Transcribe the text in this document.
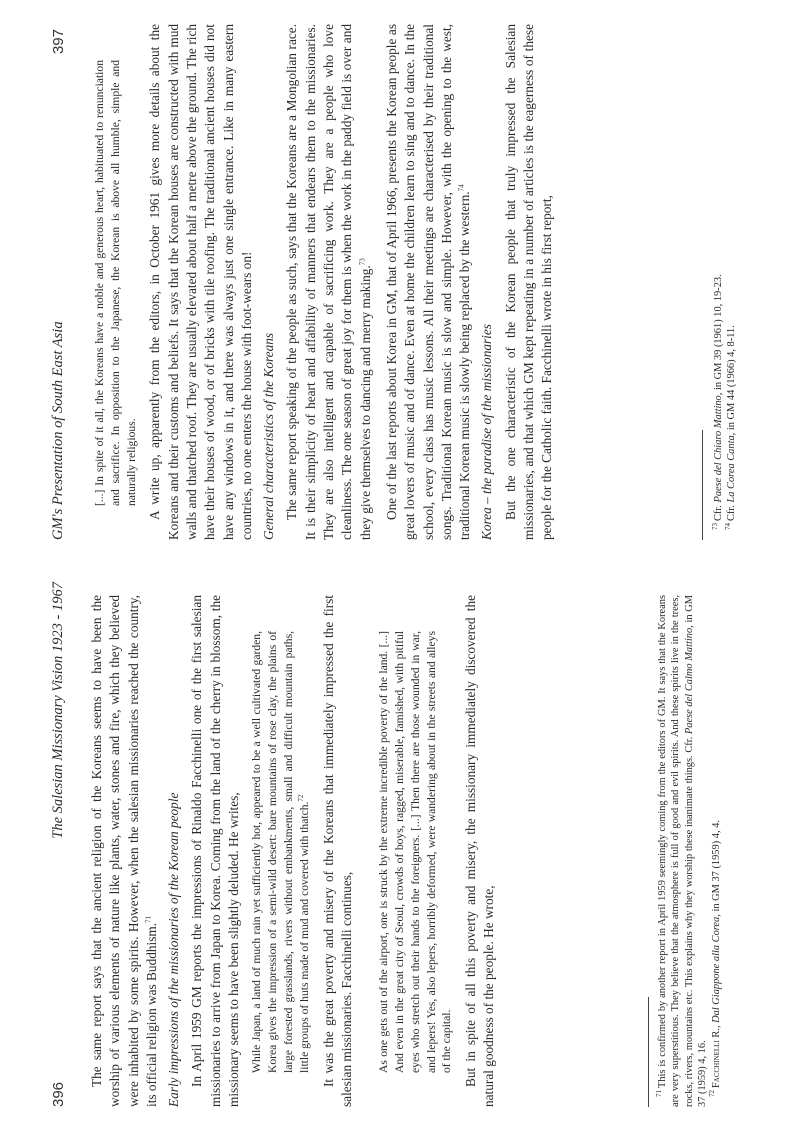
396
The Salesian Missionary Vision 1923 - 1967 The same report says that the ancient religion of the Koreans seems to have been the worship of various elements of nature like plants, water, stones and fire, which they believed were inhabited by some spirits. However, when the salesian missionaries reached the country, its official religion was Buddhism.$^{71}$	Early impressions of the missionaries of the Korean people In April 1959 GM reports the impressions of Rinaldo Facchinelli one of the first salesian missionaries to arrive from Japan to Korea. Coming from the land of the cherry in blossom, the missionary seems to have been slightly deluded. He writes, While Japan, a land of much rain yet sufficiently hot, appeared to be a well cultivated garden, Korea gives the impression of a semi-wild desert: bare mountains of rose clay, the plains of large forested grasslands, rivers without embankments, small and difficult mountain paths, little groups of huts made of mud and covered with thatch.$^{72}$	It was the great poverty and misery of the Koreans that immediately impressed the first salesian missionaries. Facchinelli continues, As one gets out of the airport, one is struck by the extreme incredible poverty of the land. [...] And even in the great city of Seoul, crowds of boys, ragged, miserable, famished, with pitiful eyes who stretch out their hands to the foreigners. [...] Then there are those wounded in war, and lepers! Yes, also lepers, horribly deformed, were wandering about in the streets and alleys of the capital. But in spite of all this poverty and misery, the missionary immediately discovered the natural goodness of the people. He wrote,	$^{71}$This is confirmed by another report in April 1959 seemingly coming from the editors of GM. It says that the Koreans are very superstitious. They believe that the atmosphere is full of good and evil spirits. And these spirits live in the trees, rocks, rivers, mountains etc. This explains why they worship these inanimate things. Cfr. Paese del Calmo Mattino, in GM 37 (1959) 4, 16. $^{72}$Facchinelli R., Dal Giappone alla Corea, in GM 37 (1959) 4, 4.

GM's Presentation of South East Asia
397

[...] In spite of it all, the Koreans have a noble and generous heart, habituated to renunciation and sacrifice. In opposition to the Japanese, the Korean is above all humble, simple and naturally religious. A write up, apparently from the editors, in October 1961 gives more details about the Koreans and their customs and beliefs. It says that the Korean houses are constructed with mud walls and thatched roof. They are usually elevated about half a metre above the ground. The rich have their houses of wood, or of bricks with tile roofing. The traditional ancient houses did not have any windows in it, and there was always just one single entrance. Like in many eastern countries, no one enters the house with foot-wears on! General characteristics of the Koreans The same report speaking of the people as such, says that the Koreans are a Mongolian race. It is their simplicity of heart and affability of manners that endears them to the missionaries. They are also intelligent and capable of sacrificing work. They are a people who love cleanliness. The one season of great joy for them is when the work in the paddy field is over and they give themselves to dancing and merry making.$^{73}$	One of the last reports about Korea in GM, that of April 1966, presents the Korean people as great lovers of music and of dance. Even at home the children learn to sing and to dance. In the school, every class has music lessons. All their meetings are characterised by their traditional songs. Traditional Korean music is slow and simple. However, with the opening to the west, traditional Korean music is slowly being replaced by the western.$^{74}$

Korea – the paradise of the missionaries But the one characteristic of the Korean people that truly impressed the Salesian missionaries, and that which GM kept repeating in a number of articles is the eagerness of these people for the Catholic faith. Facchinelli wrote in his first report,	$^{73}$Cfr. Paese del Chiaro Mattino, in GM 39 (1961) 10, 19-23.

$^{74}$Cfr. La Corea Canta, in GM 44 (1966) 4, 8-11.
